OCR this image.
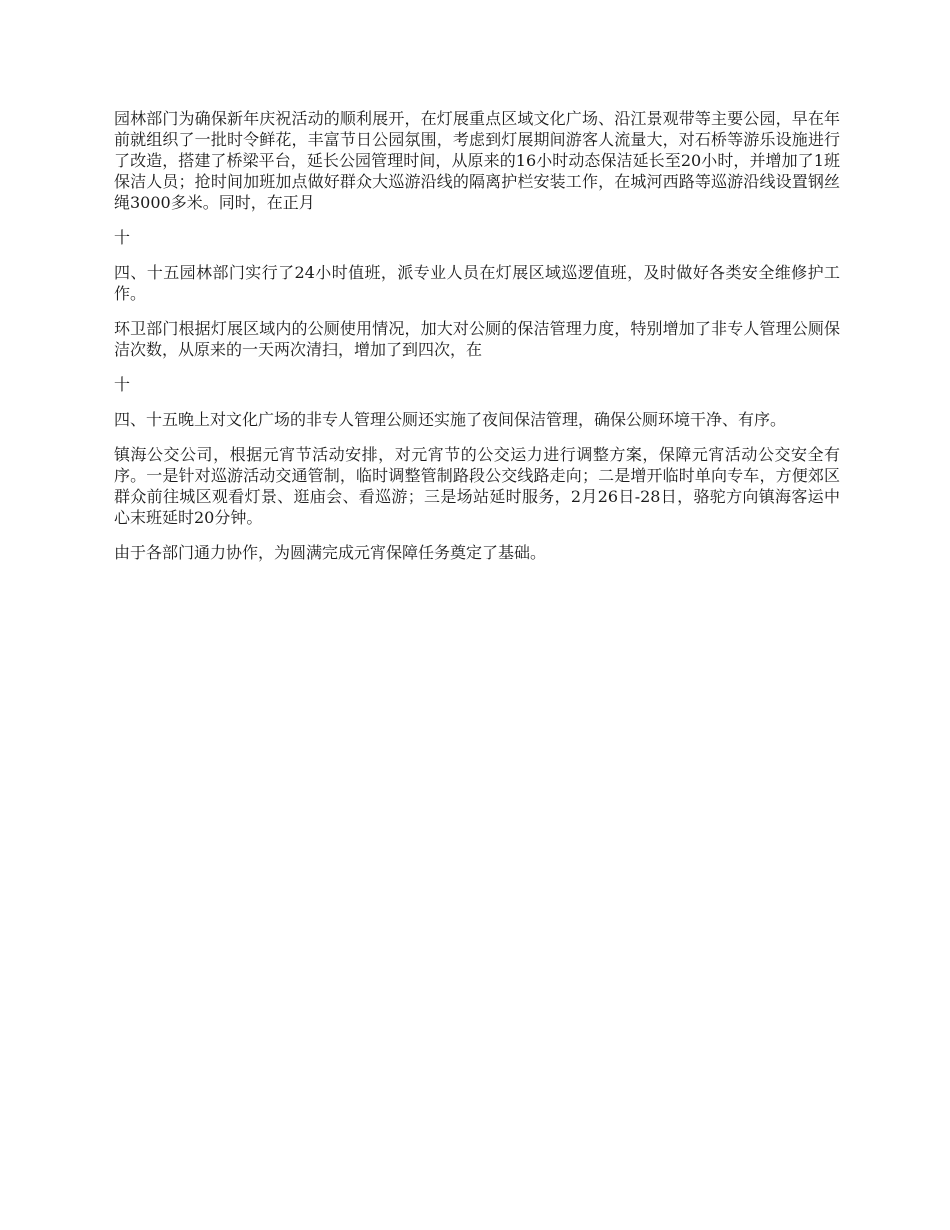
园林部门为确保新年庆祝活动的顺利展开，在灯展重点区域文化广场、沿江景观带等主要公园，早在年前就组织了一批时令鲜花，丰富节日公园氛围，考虑到灯展期间游客人流量大，对石桥等游乐设施进行了改造，搭建了桥梁平台，延长公园管理时间，从原来的16小时动态保洁延长至20小时，并增加了1班保洁人员；抢时间加班加点做好群众大巡游沿线的隔离护栏安装工作，在城河西路等巡游沿线设置钢丝绳3000多米。同时，在正月

十

四、十五园林部门实行了24小时值班，派专业人员在灯展区域巡逻值班，及时做好各类安全维修护工作。

环卫部门根据灯展区域内的公厕使用情况，加大对公厕的保洁管理力度，特别增加了非专人管理公厕保洁次数，从原来的一天两次清扫，增加了到四次，在

十

四、十五晚上对文化广场的非专人管理公厕还实施了夜间保洁管理，确保公厕环境干净、有序。

镇海公交公司，根据元宵节活动安排，对元宵节的公交运力进行调整方案，保障元宵活动公交安全有序。一是针对巡游活动交通管制，临时调整管制路段公交线路走向；二是增开临时单向专车，方便郊区群众前往城区观看灯景、逛庙会、看巡游；三是场站延时服务，2月26日-28日，骆驼方向镇海客运中心末班延时20分钟。

由于各部门通力协作，为圆满完成元宵保障任务奠定了基础。
